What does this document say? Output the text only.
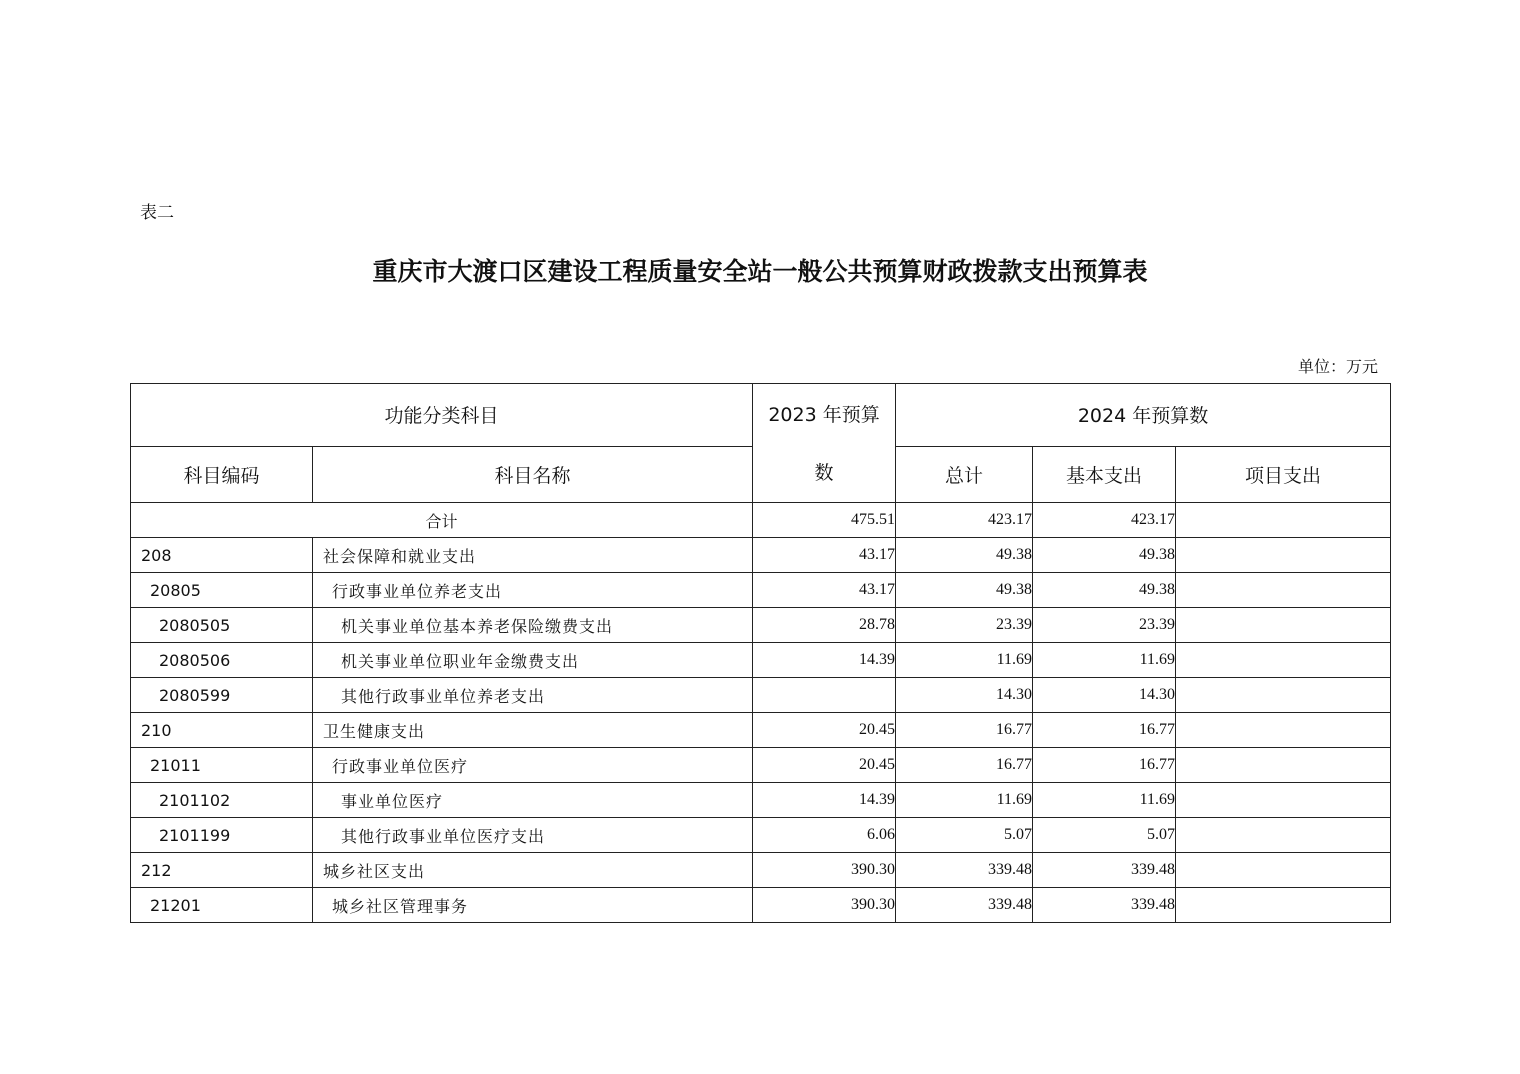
表二
重庆市大渡口区建设工程质量安全站一般公共预算财政拨款支出预算表
单位：万元
功能分类科目		2023 年预算
数	2024 年预算数		
科目编码	科目名称		总计	基本支出	项目支出
合计		475.51	423.17	423.17	
208	社会保障和就业支出	43.17	49.38	49.38	
20805	行政事业单位养老支出	43.17	49.38	49.38	
2080505	机关事业单位基本养老保险缴费支出	28.78	23.39	23.39	
2080506	机关事业单位职业年金缴费支出	14.39	11.69	11.69	
2080599	其他行政事业单位养老支出		14.30	14.30	
210	卫生健康支出	20.45	16.77	16.77	
21011	行政事业单位医疗	20.45	16.77	16.77	
2101102	事业单位医疗	14.39	11.69	11.69	
2101199	其他行政事业单位医疗支出	6.06	5.07	5.07	
212	城乡社区支出	390.30	339.48	339.48	
21201	城乡社区管理事务	390.30	339.48	339.48	
